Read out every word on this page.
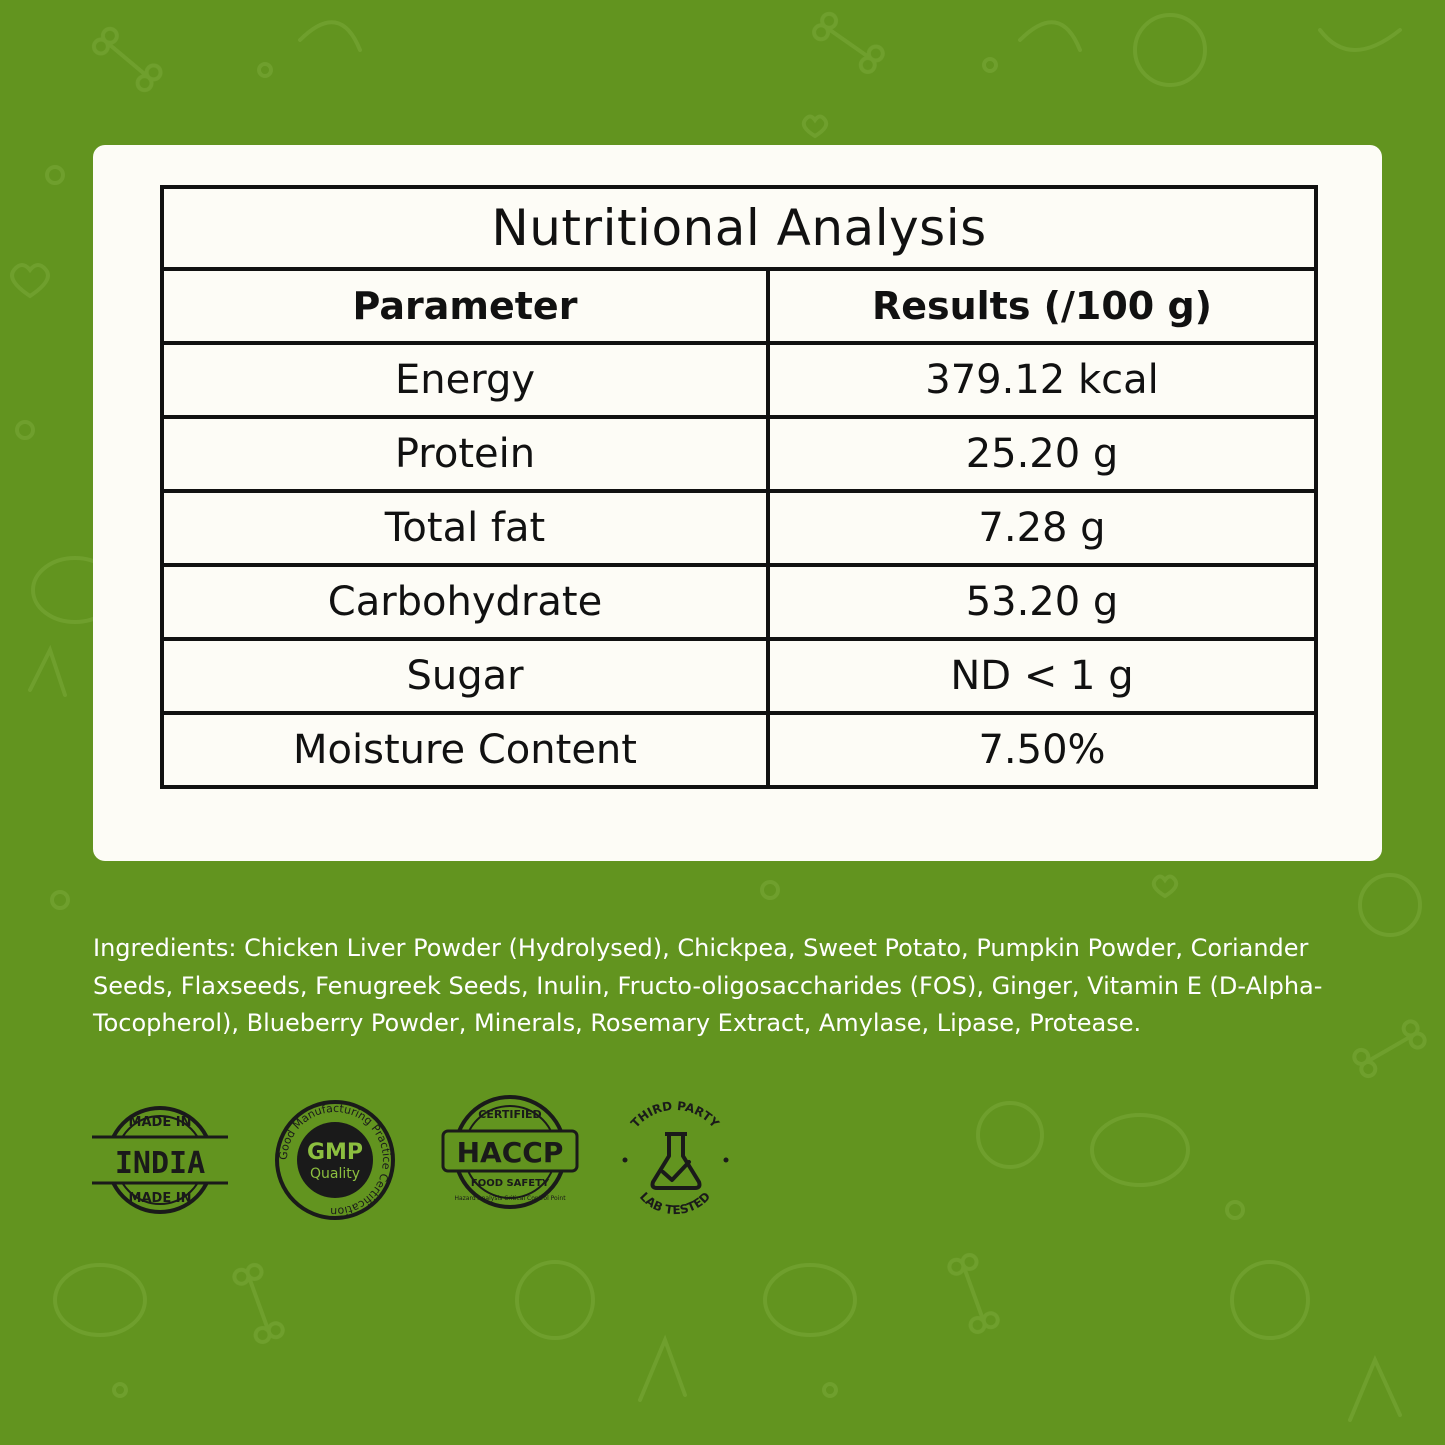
Nutritional Analysis	
Parameter	Results (/100 g)
Energy	379.12 kcal
Protein	25.20 g
Total fat	7.28 g
Carbohydrate	53.20 g
Sugar	ND < 1 g
Moisture Content	7.50%
Ingredients: Chicken Liver Powder (Hydrolysed), Chickpea, Sweet Potato, Pumpkin Powder, Coriander Seeds, Flaxseeds, Fenugreek Seeds, Inulin, Fructo-oligosaccharides (FOS), Ginger, Vitamin E (D-Alpha-Tocopherol), Blueberry Powder, Minerals, Rosemary Extract, Amylase, Lipase, Protease.
MADE IN
INDIA
MADE IN
Good Manufacturing Practice Certification
GMP
Quality
CERTIFIED
HACCP
FOOD SAFETY
Hazard Analysis Critical Control Point
THIRD PARTY
LAB TESTED
